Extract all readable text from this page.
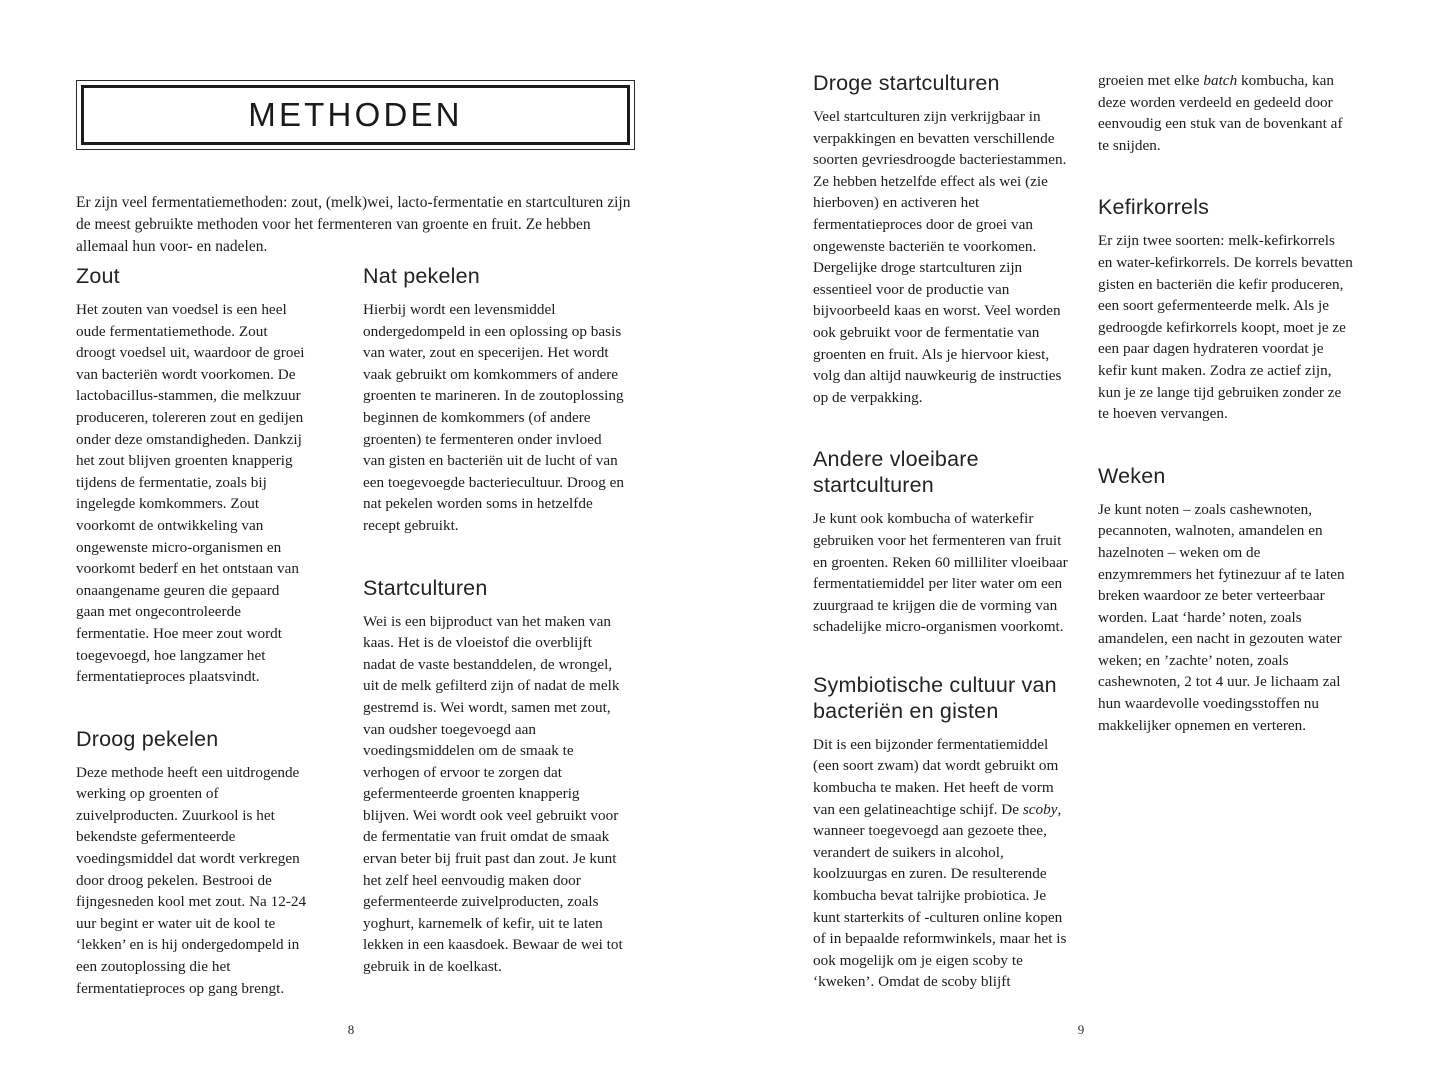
METHODEN

Er zijn veel fermentatiemethoden: zout, (melk)wei, lacto-fermentatie en startculturen zijn de meest gebruikte methoden voor het fermenteren van groente en fruit. Ze hebben allemaal hun voor- en nadelen.

Zout

Het zouten van voedsel is een heel oude fermentatiemethode. Zout droogt voedsel uit, waardoor de groei van bacteriën wordt voorkomen. De lactobacillus-stammen, die melkzuur produceren, tolereren zout en gedijen onder deze omstandigheden. Dankzij het zout blijven groenten knapperig tijdens de fermentatie, zoals bij ingelegde komkommers. Zout voorkomt de ontwikkeling van ongewenste micro-organismen en voorkomt bederf en het ontstaan van onaangename geuren die gepaard gaan met ongecontroleerde fermentatie. Hoe meer zout wordt toegevoegd, hoe langzamer het fermentatieproces plaatsvindt.

Droog pekelen

Deze methode heeft een uitdrogende werking op groenten of zuivelproducten. Zuurkool is het bekendste gefermenteerde voedingsmiddel dat wordt verkregen door droog pekelen. Bestrooi de fijngesneden kool met zout. Na 12-24 uur begint er water uit de kool te ‘lekken’ en is hij ondergedompeld in een zoutoplossing die het fermentatieproces op gang brengt.

Nat pekelen

Hierbij wordt een levensmiddel ondergedompeld in een oplossing op basis van water, zout en specerijen. Het wordt vaak gebruikt om komkommers of andere groenten te marineren. In de zoutoplossing beginnen de komkommers (of andere groenten) te fermenteren onder invloed van gisten en bacteriën uit de lucht of van een toegevoegde bacteriecultuur. Droog en nat pekelen worden soms in hetzelfde recept gebruikt.

Startculturen

Wei is een bijproduct van het maken van kaas. Het is de vloeistof die overblijft nadat de vaste bestanddelen, de wrongel, uit de melk gefilterd zijn of nadat de melk gestremd is. Wei wordt, samen met zout, van oudsher toegevoegd aan voedingsmiddelen om de smaak te verhogen of ervoor te zorgen dat gefermenteerde groenten knapperig blijven. Wei wordt ook veel gebruikt voor de fermentatie van fruit omdat de smaak ervan beter bij fruit past dan zout. Je kunt het zelf heel eenvoudig maken door gefermenteerde zuivelproducten, zoals yoghurt, karnemelk of kefir, uit te laten lekken in een kaasdoek. Bewaar de wei tot gebruik in de koelkast.

Droge startculturen

Veel startculturen zijn verkrijgbaar in verpakkingen en bevatten verschillende soorten gevriesdroogde bacteriestammen. Ze hebben hetzelfde effect als wei (zie hierboven) en activeren het fermentatieproces door de groei van ongewenste bacteriën te voorkomen. Dergelijke droge startculturen zijn essentieel voor de productie van bijvoorbeeld kaas en worst. Veel worden ook gebruikt voor de fermentatie van groenten en fruit. Als je hiervoor kiest, volg dan altijd nauwkeurig de instructies op de verpakking.

Andere vloeibare startculturen

Je kunt ook kombucha of waterkefir gebruiken voor het fermenteren van fruit en groenten. Reken 60 milliliter vloeibaar fermentatiemiddel per liter water om een zuurgraad te krijgen die de vorming van schadelijke micro-organismen voorkomt.

Symbiotische cultuur van bacteriën en gisten

Dit is een bijzonder fermentatiemiddel (een soort zwam) dat wordt gebruikt om kombucha te maken. Het heeft de vorm van een gelatineachtige schijf. De scoby, wanneer toegevoegd aan gezoete thee, verandert de suikers in alcohol, koolzuurgas en zuren. De resulterende kombucha bevat talrijke probiotica. Je kunt starterkits of -culturen online kopen of in bepaalde reformwinkels, maar het is ook mogelijk om je eigen scoby te ‘kweken’. Omdat de scoby blijft

groeien met elke batch kombucha, kan deze worden verdeeld en gedeeld door eenvoudig een stuk van de bovenkant af te snijden.

Kefirkorrels

Er zijn twee soorten: melk-kefirkorrels en water-kefirkorrels. De korrels bevatten gisten en bacteriën die kefir produceren, een soort gefermenteerde melk. Als je gedroogde kefirkorrels koopt, moet je ze een paar dagen hydrateren voordat je kefir kunt maken. Zodra ze actief zijn, kun je ze lange tijd gebruiken zonder ze te hoeven vervangen.

Weken

Je kunt noten – zoals cashewnoten, pecannoten, walnoten, amandelen en hazelnoten – weken om de enzymremmers het fytinezuur af te laten breken waardoor ze beter verteerbaar worden. Laat ‘harde’ noten, zoals amandelen, een nacht in gezouten water weken; en ’zachte’ noten, zoals cashewnoten, 2 tot 4 uur. Je lichaam zal hun waardevolle voedingsstoffen nu makkelijker opnemen en verteren.

8	9
